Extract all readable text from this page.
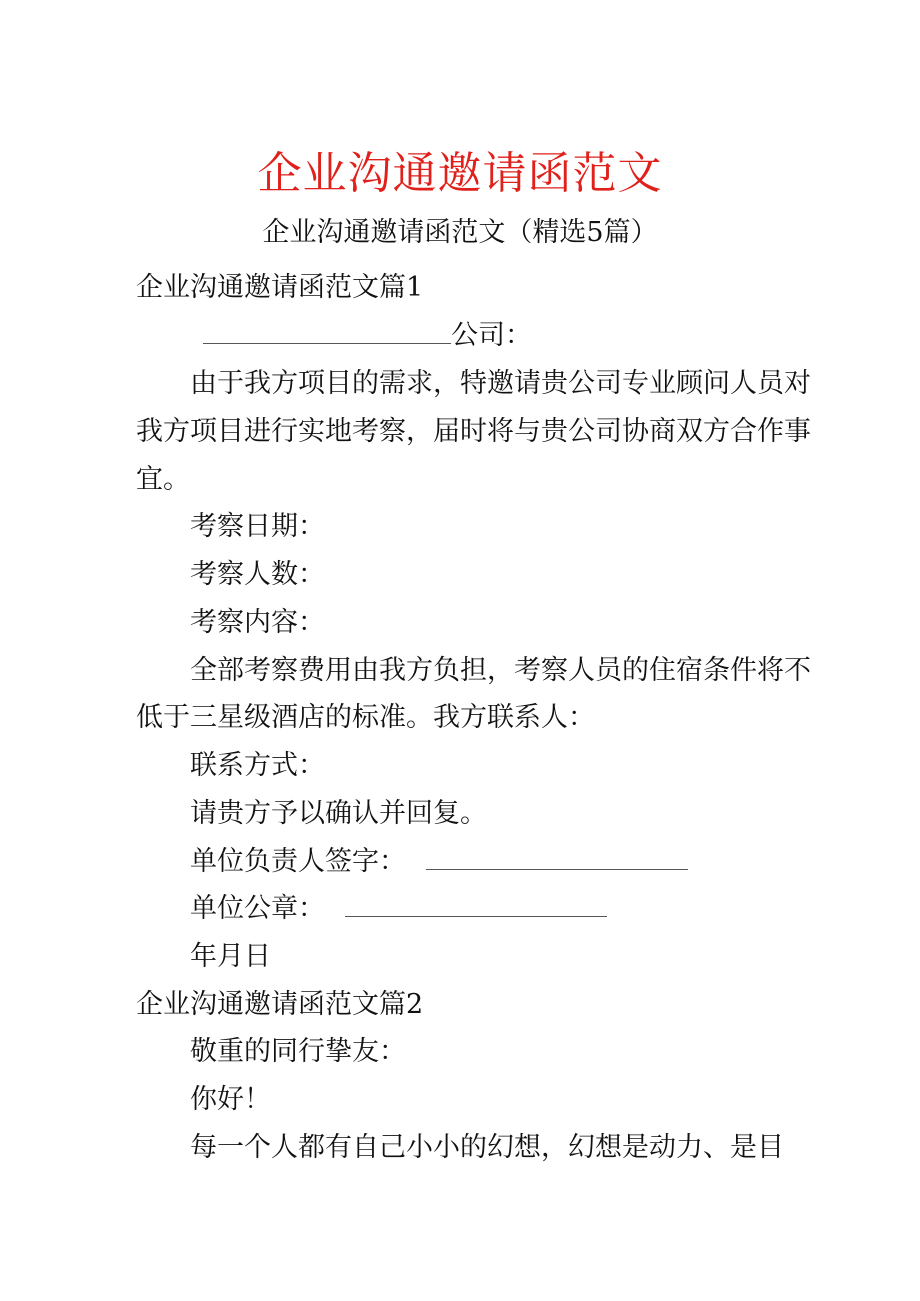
企业沟通邀请函范文
企业沟通邀请函范文（精选5篇）
企业沟通邀请函范文篇1
公司：
由于我方项目的需求，特邀请贵公司专业顾问人员对
我方项目进行实地考察，届时将与贵公司协商双方合作事
宜。
考察日期：
考察人数：
考察内容：
全部考察费用由我方负担，考察人员的住宿条件将不
低于三星级酒店的标准。我方联系人：
联系方式：
请贵方予以确认并回复。
单位负责人签字：
单位公章：
年月日
企业沟通邀请函范文篇2
敬重的同行挚友：
你好！
每一个人都有自己小小的幻想，幻想是动力、是目
